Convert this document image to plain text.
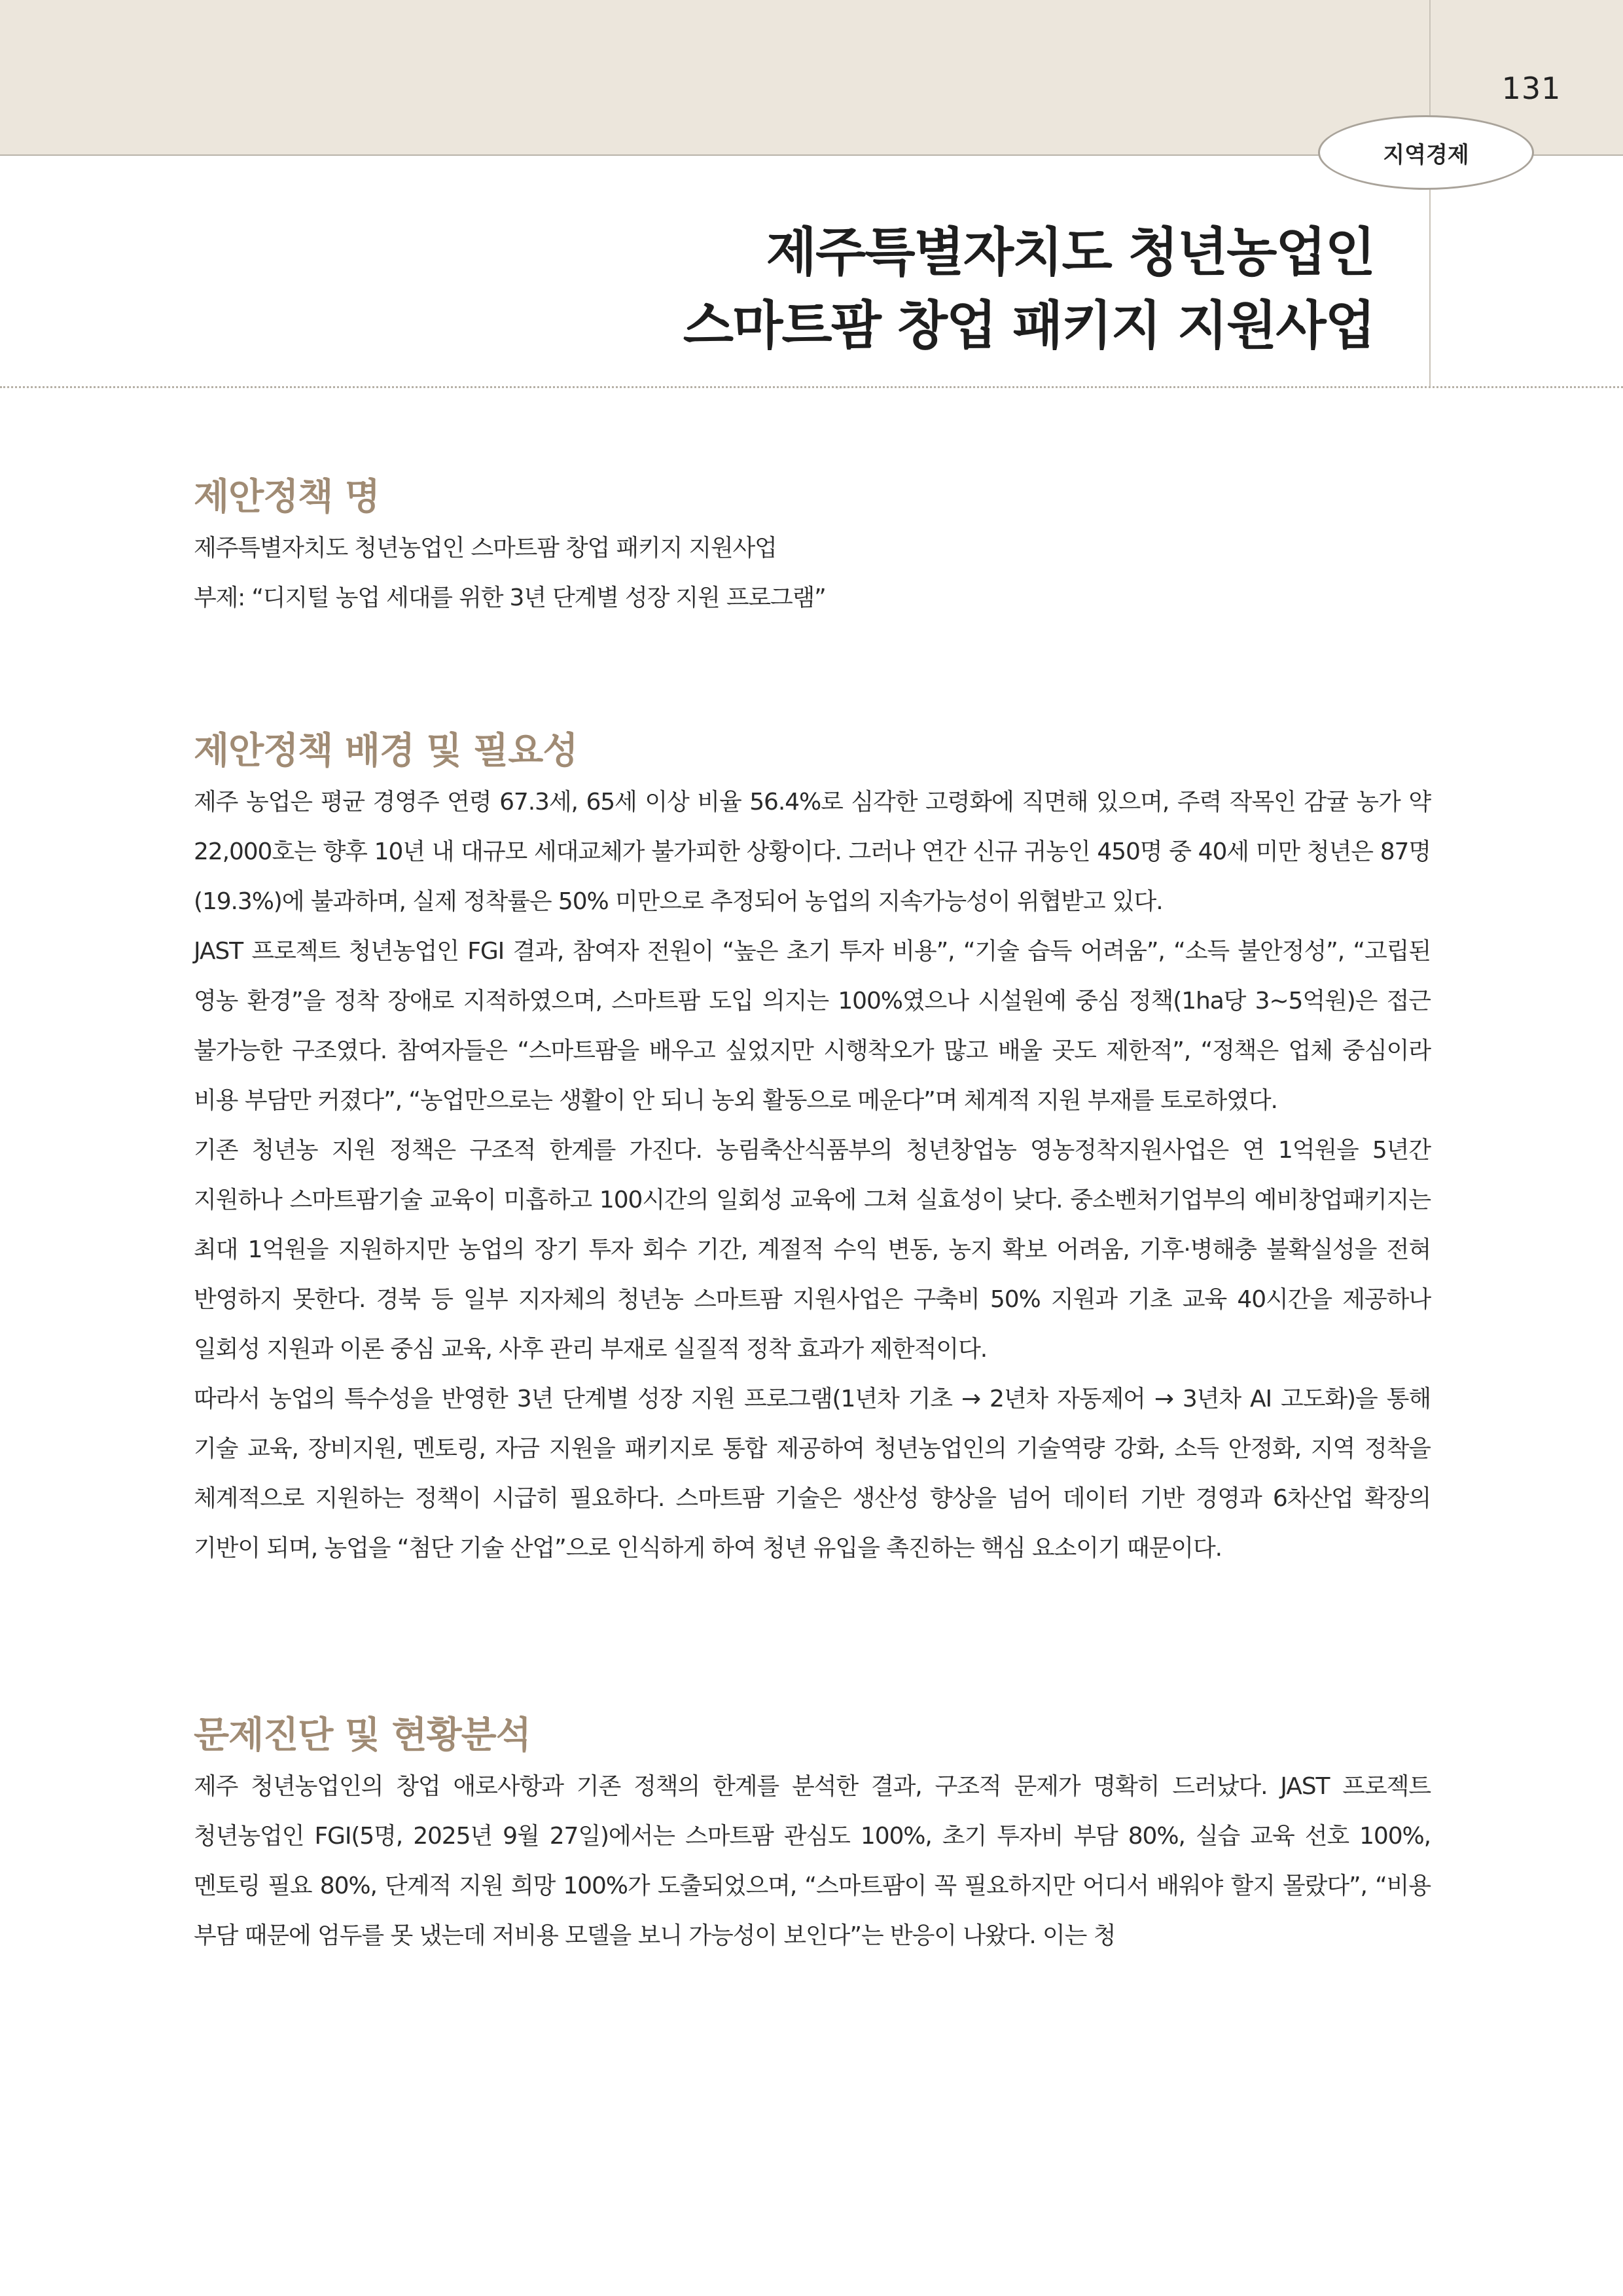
131
지역경제
제주특별자치도 청년농업인
스마트팜 창업 패키지 지원사업
제안정책 명

제주특별자치도 청년농업인 스마트팜 창업 패키지 지원사업

부제: “디지털 농업 세대를 위한 3년 단계별 성장 지원 프로그램”

제안정책 배경 및 필요성

제주 농업은 평균 경영주 연령 67.3세, 65세 이상 비율 56.4%로 심각한 고령화에 직면해 있으며, 주력 작목인 감귤 농가 약 22,000호는 향후 10년 내 대규모 세대교체가 불가피한 상황이다. 그러나 연간 신규 귀농인 450명 중 40세 미만 청년은 87명(19.3%)에 불과하며, 실제 정착률은 50% 미만으로 추정되어 농업의 지속가능성이 위협받고 있다.

JAST 프로젝트 청년농업인 FGI 결과, 참여자 전원이 “높은 초기 투자 비용”, “기술 습득 어려움”, “소득 불안정성”, “고립된 영농 환경”을 정착 장애로 지적하였으며, 스마트팜 도입 의지는 100%였으나 시설원예 중심 정책(1ha당 3~5억원)은 접근 불가능한 구조였다. 참여자들은 “스마트팜을 배우고 싶었지만 시행착오가 많고 배울 곳도 제한적”, “정책은 업체 중심이라 비용 부담만 커졌다”, “농업만으로는 생활이 안 되니 농외 활동으로 메운다”며 체계적 지원 부재를 토로하였다.

기존 청년농 지원 정책은 구조적 한계를 가진다. 농림축산식품부의 청년창업농 영농정착지원사업은 연 1억원을 5년간 지원하나 스마트팜기술 교육이 미흡하고 100시간의 일회성 교육에 그쳐 실효성이 낮다. 중소벤처기업부의 예비창업패키지는 최대 1억원을 지원하지만 농업의 장기 투자 회수 기간, 계절적 수익 변동, 농지 확보 어려움, 기후·병해충 불확실성을 전혀 반영하지 못한다. 경북 등 일부 지자체의 청년농 스마트팜 지원사업은 구축비 50% 지원과 기초 교육 40시간을 제공하나 일회성 지원과 이론 중심 교육, 사후 관리 부재로 실질적 정착 효과가 제한적이다.

따라서 농업의 특수성을 반영한 3년 단계별 성장 지원 프로그램(1년차 기초 → 2년차 자동제어 → 3년차 AI 고도화)을 통해 기술 교육, 장비지원, 멘토링, 자금 지원을 패키지로 통합 제공하여 청년농업인의 기술역량 강화, 소득 안정화, 지역 정착을 체계적으로 지원하는 정책이 시급히 필요하다. 스마트팜 기술은 생산성 향상을 넘어 데이터 기반 경영과 6차산업 확장의 기반이 되며, 농업을 “첨단 기술 산업”으로 인식하게 하여 청년 유입을 촉진하는 핵심 요소이기 때문이다.

문제진단 및 현황분석

제주 청년농업인의 창업 애로사항과 기존 정책의 한계를 분석한 결과, 구조적 문제가 명확히 드러났다. JAST 프로젝트 청년농업인 FGI(5명, 2025년 9월 27일)에서는 스마트팜 관심도 100%, 초기 투자비 부담 80%, 실습 교육 선호 100%, 멘토링 필요 80%, 단계적 지원 희망 100%가 도출되었으며, “스마트팜이 꼭 필요하지만 어디서 배워야 할지 몰랐다”, “비용 부담 때문에 엄두를 못 냈는데 저비용 모델을 보니 가능성이 보인다”는 반응이 나왔다. 이는 청
